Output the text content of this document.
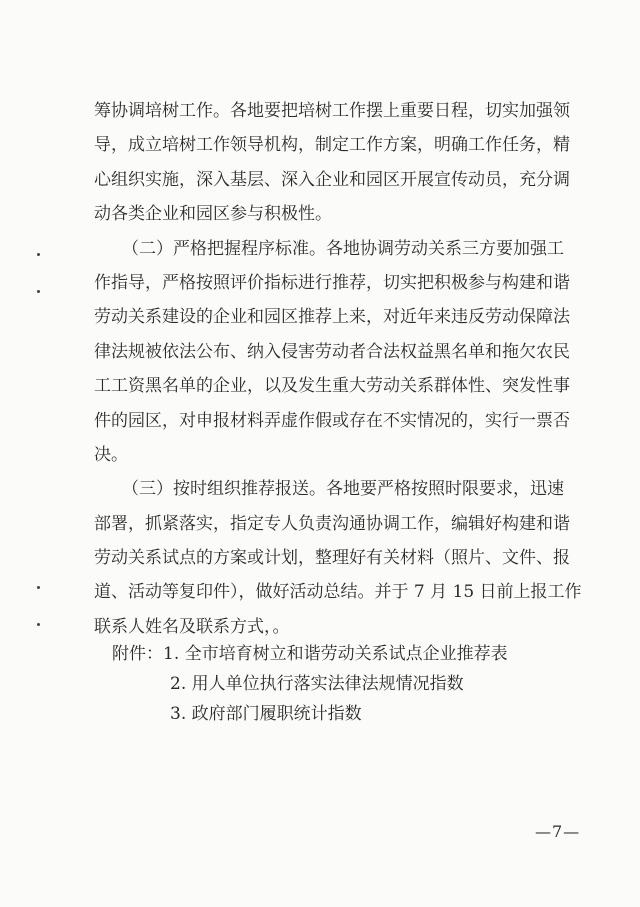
筹协调培树工作。各地要把培树工作摆上重要日程，切实加强领
导，成立培树工作领导机构，制定工作方案，明确工作任务，精
心组织实施，深入基层、深入企业和园区开展宣传动员，充分调
动各类企业和园区参与积极性。
（二）严格把握程序标准。各地协调劳动关系三方要加强工
作指导，严格按照评价指标进行推荐，切实把积极参与构建和谐
劳动关系建设的企业和园区推荐上来，对近年来违反劳动保障法
律法规被依法公布、纳入侵害劳动者合法权益黑名单和拖欠农民
工工资黑名单的企业，以及发生重大劳动关系群体性、突发性事
件的园区，对申报材料弄虚作假或存在不实情况的，实行一票否
决。
（三）按时组织推荐报送。各地要严格按照时限要求，迅速
部署，抓紧落实，指定专人负责沟通协调工作，编辑好构建和谐
劳动关系试点的方案或计划，整理好有关材料（照片、文件、报
道、活动等复印件），做好活动总结。并于 7 月 15 日前上报工作
联系人姓名及联系方式，。
附件：1. 全市培育树立和谐劳动关系试点企业推荐表
2. 用人单位执行落实法律法规情况指数
3. 政府部门履职统计指数
—7—
